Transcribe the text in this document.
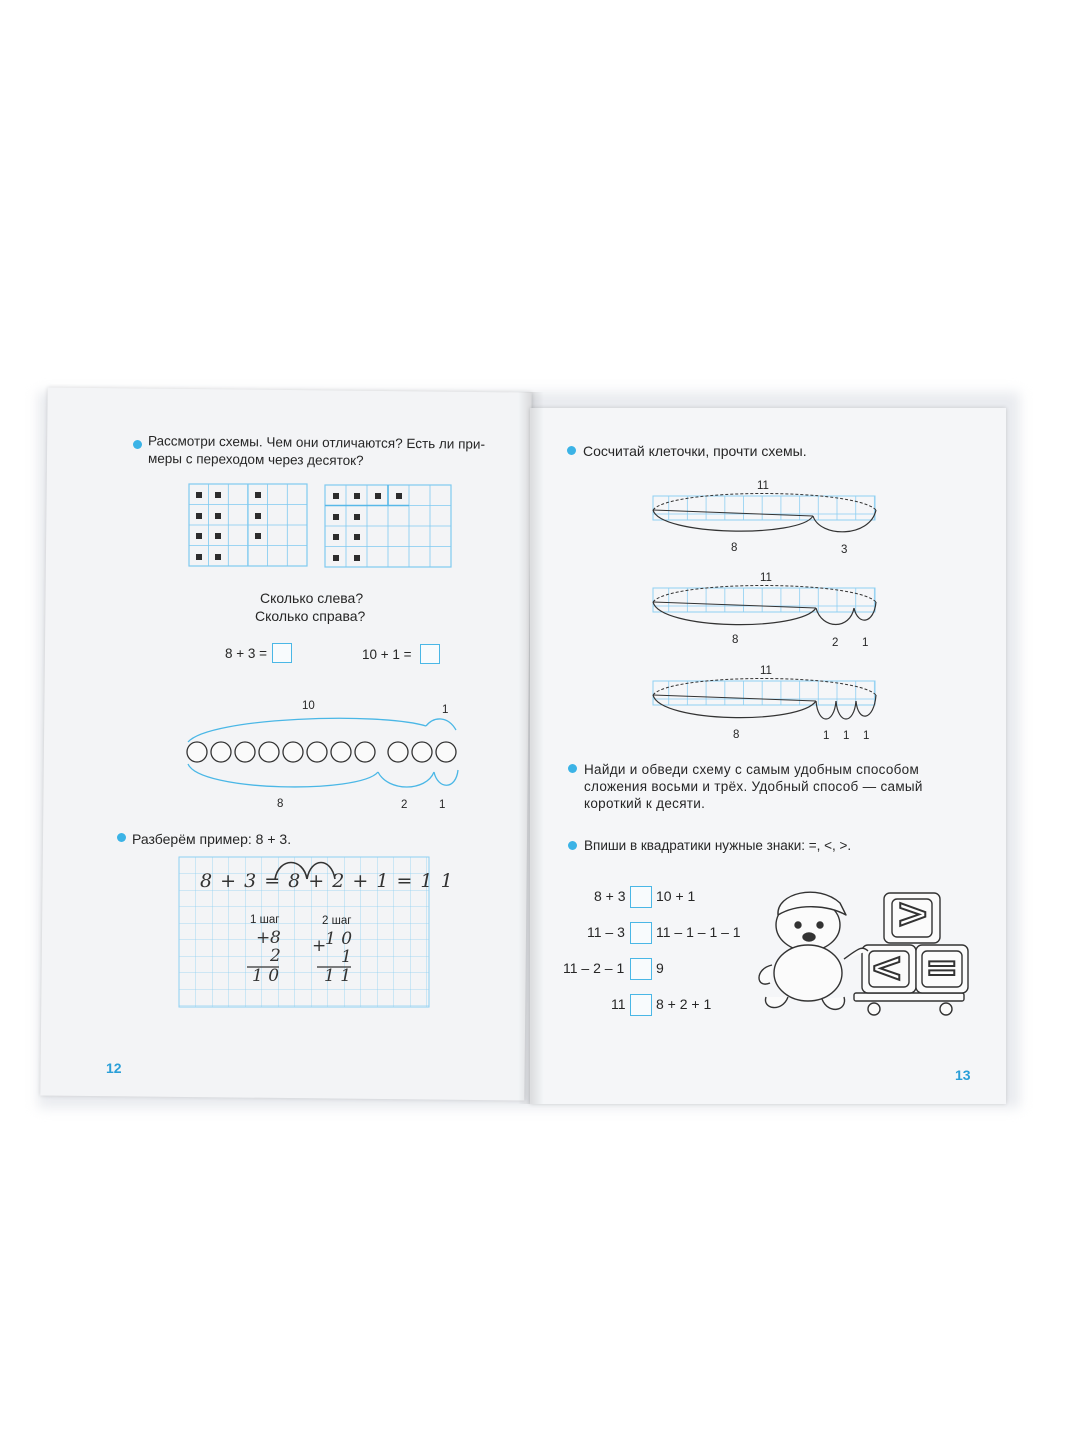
Рассмотри схемы. Чем они отличаются? Есть ли при-
меры с переходом через десяток?
Сколько слева?
Сколько справа?
8 + 3 =	10 + 1 =
10	1
8	2	1
Разберём пример: 8 + 3.
8 + 3 = 8 + 2 + 1 = 1 1
1 шаг	2 шаг
+ 8
2
1 0
+
1 0
1
1 1
12
Сосчитай клеточки, прочти схемы.
11
8	3
11
8	2 1
11
8	1 1 1
Найди и обведи схему с самым удобным способом
сложения восьми и трёх. Удобный способ — самый
короткий к десяти.
Впиши в квадратики нужные знаки: =, <, >.
8 + 3 10 + 1
11 – 3 11 – 1 – 1 – 1
11 – 2 – 1 9
11 8 + 2 + 1
>
< =
13
